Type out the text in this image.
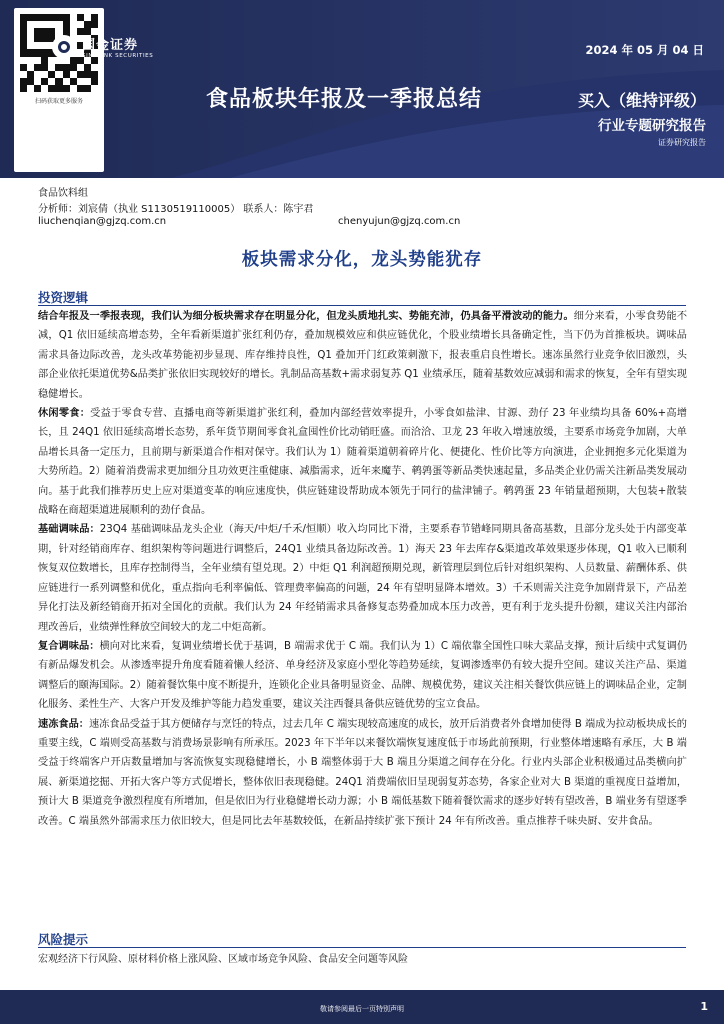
扫码获取更多服务
国金证券
SINOLINK SECURITIES	2024 年 05 月 04 日
食品板块年报及一季报总结	买入（维持评级）
行业专题研究报告
证券研究报告
食品饮料组
分析师：刘宸倩（执业 S1130519110005） 联系人：陈宇君
liuchenqian@gjzq.com.cn	chenyujun@gjzq.com.cn
板块需求分化，龙头势能犹存
投资逻辑

结合年报及一季报表现，我们认为细分板块需求存在明显分化，但龙头质地扎实、势能充沛，仍具备平滑波动的能力。细分来看，小零食势能不减，Q1 依旧延续高增态势，全年看新渠道扩张红利仍存，叠加规模效应和供应链优化，个股业绩增长具备确定性，当下仍为首推板块。调味品需求具备边际改善，龙头改革势能初步显现、库存维持良性，Q1 叠加开门红政策刺激下，报表重启良性增长。速冻虽然行业竞争依旧激烈，头部企业依托渠道优势&品类扩张依旧实现较好的增长。乳制品高基数+需求弱复苏 Q1 业绩承压，随着基数效应减弱和需求的恢复，全年有望实现稳健增长。

休闲零食：受益于零食专营、直播电商等新渠道扩张红利，叠加内部经营效率提升，小零食如盐津、甘源、劲仔 23 年业绩均具备 60%+高增长，且 24Q1 依旧延续高增长态势，系年货节期间零食礼盒囤性价比动销旺盛。而洽洽、卫龙 23 年收入增速放缓，主要系市场竞争加剧，大单品增长具备一定压力，且前期与新渠道合作相对保守。我们认为 1）随着渠道朝着碎片化、便捷化、性价比等方向演进，企业拥抱多元化渠道为大势所趋。2）随着消费需求更加细分且功效更注重健康、减脂需求，近年来魔芋、鹌鹑蛋等新品类快速起量，多品类企业仍需关注新品类发展动向。基于此我们推荐历史上应对渠道变革的响应速度快，供应链建设帮助成本领先于同行的盐津铺子。鹌鹑蛋 23 年销量超预期，大包装+散装战略在商超渠道进展顺利的劲仔食品。

基础调味品：23Q4 基础调味品龙头企业（海天/中炬/千禾/恒顺）收入均同比下滑，主要系春节错峰同期具备高基数，且部分龙头处于内部变革期，针对经销商库存、组织架构等问题进行调整后，24Q1 业绩具备边际改善。1）海天 23 年去库存&渠道改革效果逐步体现，Q1 收入已顺利恢复双位数增长，且库存控制得当，全年业绩有望兑现。2）中炬 Q1 利润超预期兑现，新管理层到位后针对组织架构、人员数量、薪酬体系、供应链进行一系列调整和优化，重点指向毛利率偏低、管理费率偏高的问题，24 年有望明显降本增效。3）千禾则需关注竞争加剧背景下，产品差异化打法及新经销商开拓对全国化的贡献。我们认为 24 年经销需求具备修复态势叠加成本压力改善，更有利于龙头提升份额，建议关注内部治理改善后，业绩弹性释放空间较大的龙二中炬高新。

复合调味品：横向对比来看，复调业绩增长优于基调，B 端需求优于 C 端。我们认为 1）C 端依靠全国性口味大菜品支撑，预计后续中式复调仍有新品爆发机会。从渗透率提升角度看随着懒人经济、单身经济及家庭小型化等趋势延续，复调渗透率仍有较大提升空间。建议关注产品、渠道调整后的颐海国际。2）随着餐饮集中度不断提升，连锁化企业具备明显资金、品牌、规模优势，建议关注相关餐饮供应链上的调味品企业，定制化服务、柔性生产、大客户开发及维护等能力趋发重要，建议关注西餐具备供应链优势的宝立食品。

速冻食品：速冻食品受益于其方便储存与烹饪的特点，过去几年 C 端实现较高速度的成长，放开后消费者外食增加使得 B 端成为拉动板块成长的重要主线，C 端则受高基数与消费场景影响有所承压。2023 年下半年以来餐饮端恢复速度低于市场此前预期，行业整体增速略有承压，大 B 端受益于终端客户开店数量增加与客流恢复实现稳健增长，小 B 端整体弱于大 B 端且分渠道之间存在分化。行业内头部企业积极通过品类横向扩展、新渠道挖掘、开拓大客户等方式促增长，整体依旧表现稳健。24Q1 消费端依旧呈现弱复苏态势，各家企业对大 B 渠道的重视度日益增加，预计大 B 渠道竞争激烈程度有所增加，但是依旧为行业稳健增长动力源；小 B 端低基数下随着餐饮需求的逐步好转有望改善，B 端业务有望逐季改善。C 端虽然外部需求压力依旧较大，但是同比去年基数较低，在新品持续扩张下预计 24 年有所改善。重点推荐千味央厨、安井食品。

风险提示
宏观经济下行风险、原材料价格上涨风险、区域市场竞争风险、食品安全问题等风险
敬请参阅最后一页特别声明	1
